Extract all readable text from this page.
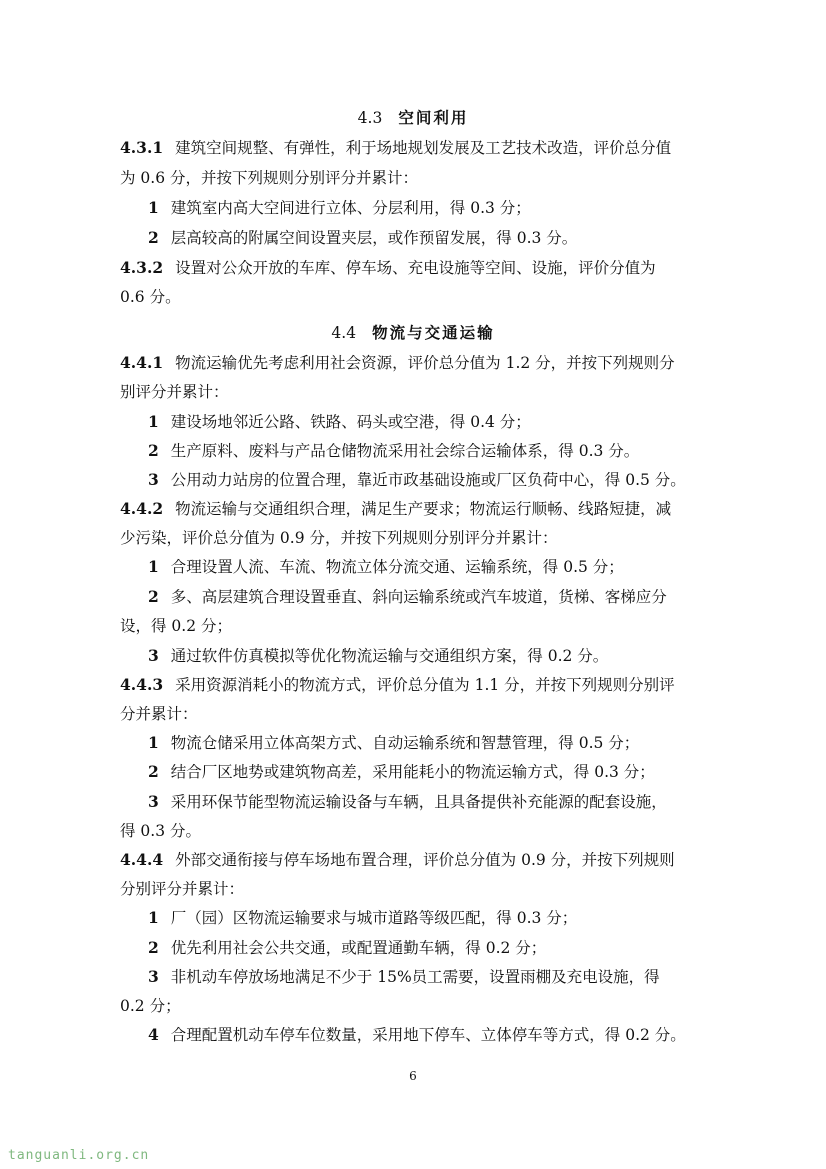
4.3 空间利用
4.3.1 建筑空间规整、有弹性，利于场地规划发展及工艺技术改造，评价总分值
为 0.6 分，并按下列规则分别评分并累计：
1 建筑室内高大空间进行立体、分层利用，得 0.3 分；
2 层高较高的附属空间设置夹层，或作预留发展，得 0.3 分。
4.3.2 设置对公众开放的车库、停车场、充电设施等空间、设施，评价分值为
0.6 分。
4.4 物流与交通运输
4.4.1 物流运输优先考虑利用社会资源，评价总分值为 1.2 分，并按下列规则分
别评分并累计：
1 建设场地邻近公路、铁路、码头或空港，得 0.4 分；
2 生产原料、废料与产品仓储物流采用社会综合运输体系，得 0.3 分。
3 公用动力站房的位置合理，靠近市政基础设施或厂区负荷中心，得 0.5 分。
4.4.2 物流运输与交通组织合理，满足生产要求；物流运行顺畅、线路短捷，减
少污染，评价总分值为 0.9 分，并按下列规则分别评分并累计：
1 合理设置人流、车流、物流立体分流交通、运输系统，得 0.5 分；
2 多、高层建筑合理设置垂直、斜向运输系统或汽车坡道，货梯、客梯应分
设，得 0.2 分；
3 通过软件仿真模拟等优化物流运输与交通组织方案，得 0.2 分。
4.4.3 采用资源消耗小的物流方式，评价总分值为 1.1 分，并按下列规则分别评
分并累计：
1 物流仓储采用立体高架方式、自动运输系统和智慧管理，得 0.5 分；
2 结合厂区地势或建筑物高差，采用能耗小的物流运输方式，得 0.3 分；
3 采用环保节能型物流运输设备与车辆，且具备提供补充能源的配套设施，
得 0.3 分。
4.4.4 外部交通衔接与停车场地布置合理，评价总分值为 0.9 分，并按下列规则
分别评分并累计：
1 厂（园）区物流运输要求与城市道路等级匹配，得 0.3 分；
2 优先利用社会公共交通，或配置通勤车辆，得 0.2 分；
3 非机动车停放场地满足不少于 15%员工需要，设置雨棚及充电设施，得
0.2 分；
4 合理配置机动车停车位数量，采用地下停车、立体停车等方式，得 0.2 分。
6
tanguanli.org.cn
